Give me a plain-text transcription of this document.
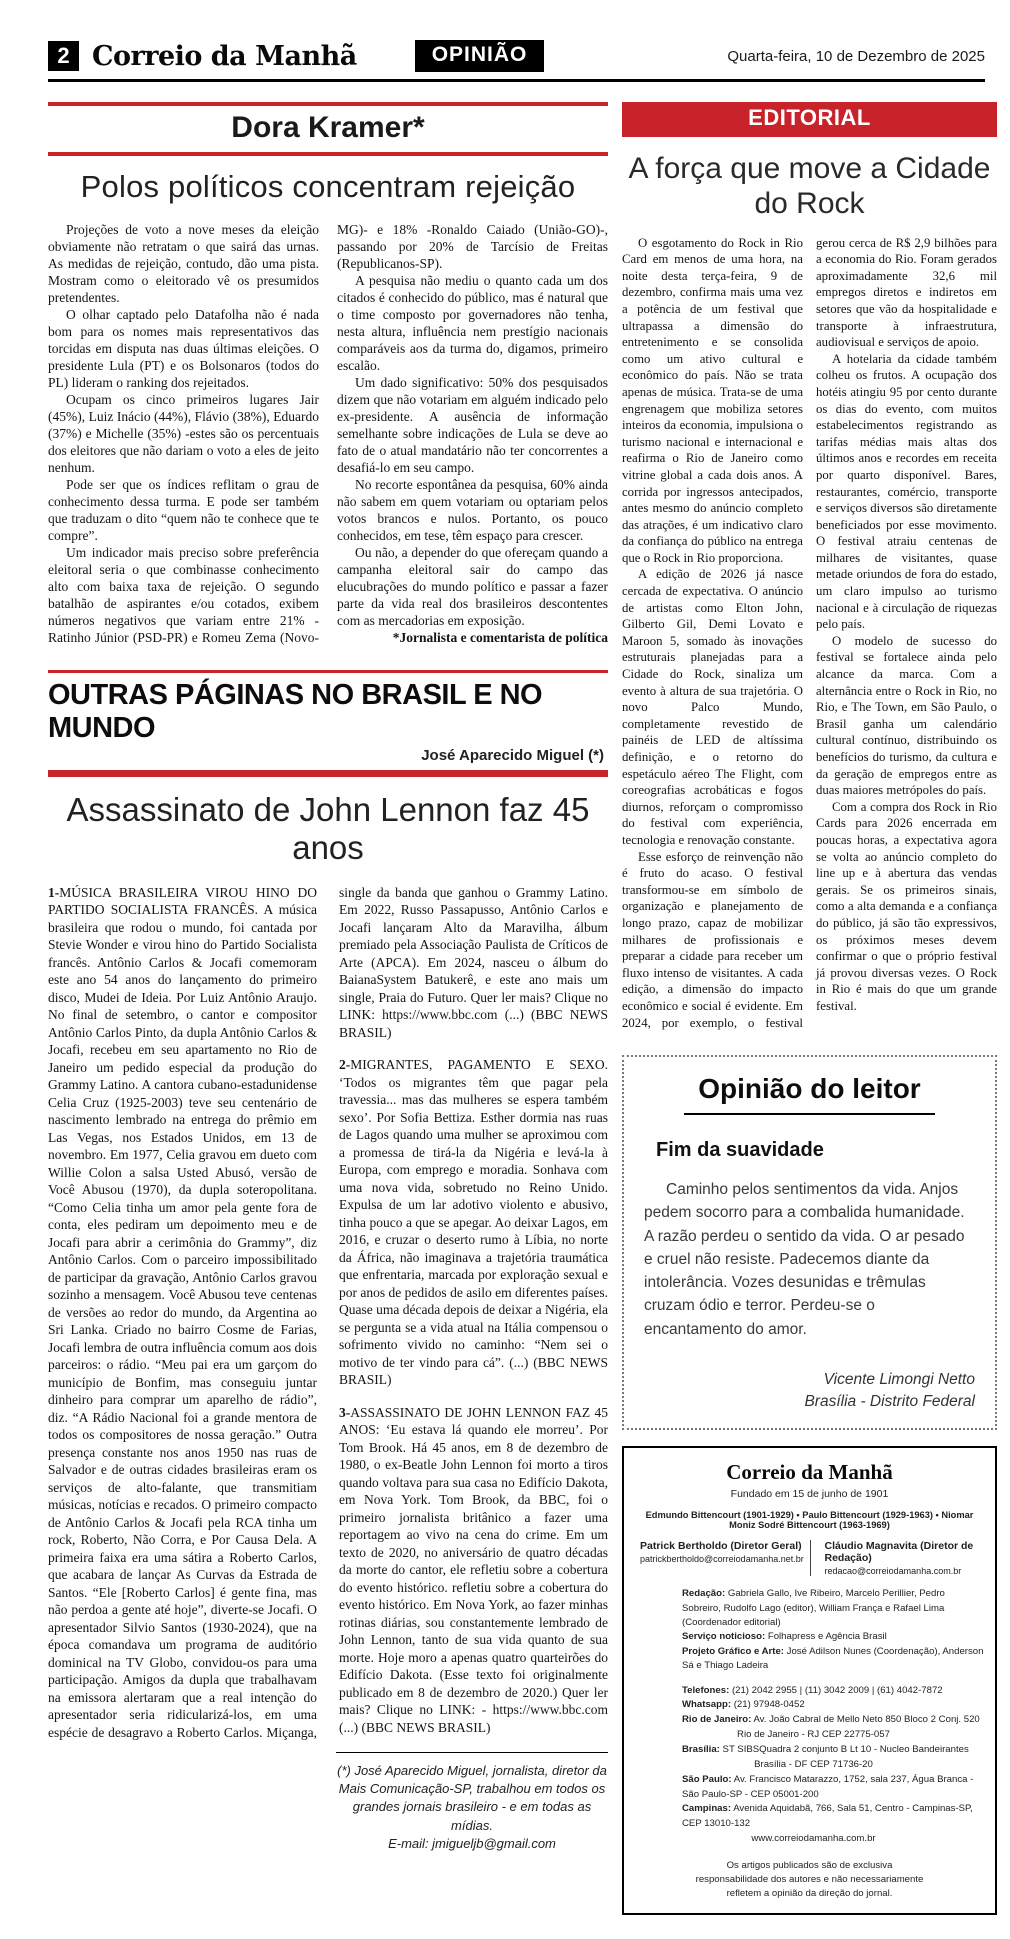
2 Correio da Manhã	OPINIÃO	Quarta-feira, 10 de Dezembro de 2025
Dora Kramer*
Polos políticos concentram rejeição

Projeções de voto a nove meses da eleição obviamente não retratam o que sairá das urnas. As medidas de rejeição, contudo, dão uma pista. Mostram como o eleitorado vê os presumidos pretendentes.

O olhar captado pelo Datafolha não é nada bom para os nomes mais representativos das torcidas em disputa nas duas últimas eleições. O presidente Lula (PT) e os Bolsonaros (todos do PL) lideram o ranking dos rejeitados.

Ocupam os cinco primeiros lugares Jair (45%), Luiz Inácio (44%), Flávio (38%), Eduardo (37%) e Michelle (35%) -estes são os percentuais dos eleitores que não dariam o voto a eles de jeito nenhum.

Pode ser que os índices reflitam o grau de conhecimento dessa turma. E pode ser também que traduzam o dito “quem não te conhece que te compre”.

Um indicador mais preciso sobre preferência eleitoral seria o que combinasse conhecimento alto com baixa taxa de rejeição. O segundo batalhão de aspirantes e/ou cotados, exibem números negativos que variam entre 21% -Ratinho Júnior (PSD-PR) e Romeu Zema (Novo-MG)- e 18% -Ronaldo Caiado (União-GO)-, passando por 20% de Tarcísio de Freitas (Republicanos-SP).

A pesquisa não mediu o quanto cada um dos citados é conhecido do público, mas é natural que o time composto por governadores não tenha, nesta altura, influência nem prestígio nacionais comparáveis aos da turma do, digamos, primeiro escalão.

Um dado significativo: 50% dos pesquisados dizem que não votariam em alguém indicado pelo ex-presidente. A ausência de informação semelhante sobre indicações de Lula se deve ao fato de o atual mandatário não ter concorrentes a desafiá-lo em seu campo.

No recorte espontânea da pesquisa, 60% ainda não sabem em quem votariam ou optariam pelos votos brancos e nulos. Portanto, os pouco conhecidos, em tese, têm espaço para crescer.

Ou não, a depender do que ofereçam quando a campanha eleitoral sair do campo das elucubrações do mundo político e passar a fazer parte da vida real dos brasileiros descontentes com as mercadorias em exposição.

*Jornalista e comentarista de política

OUTRAS PÁGINAS NO BRASIL E NO MUNDO
José Aparecido Miguel (*)
Assassinato de John Lennon faz 45 anos

1-MÚSICA BRASILEIRA VIROU HINO DO PARTIDO SOCIALISTA FRANCÊS. A música brasileira que rodou o mundo, foi cantada por Stevie Wonder e virou hino do Partido Socialista francês. Antônio Carlos & Jocafi comemoram este ano 54 anos do lançamento do primeiro disco, Mudei de Ideia. Por Luiz Antônio Araujo. No final de setembro, o cantor e compositor Antônio Carlos Pinto, da dupla Antônio Carlos & Jocafi, recebeu em seu apartamento no Rio de Janeiro um pedido especial da produção do Grammy Latino. A cantora cubano-estadunidense Celia Cruz (1925-2003) teve seu centenário de nascimento lembrado na entrega do prêmio em Las Vegas, nos Estados Unidos, em 13 de novembro. Em 1977, Celia gravou em dueto com Willie Colon a salsa Usted Abusó, versão de Você Abusou (1970), da dupla soteropolitana. “Como Celia tinha um amor pela gente fora de conta, eles pediram um depoimento meu e de Jocafi para abrir a cerimônia do Grammy”, diz Antônio Carlos. Com o parceiro impossibilitado de participar da gravação, Antônio Carlos gravou sozinho a mensagem. Você Abusou teve centenas de versões ao redor do mundo, da Argentina ao Sri Lanka. Criado no bairro Cosme de Farias, Jocafi lembra de outra influência comum aos dois parceiros: o rádio. “Meu pai era um garçom do município de Bonfim, mas conseguiu juntar dinheiro para comprar um aparelho de rádio”, diz. “A Rádio Nacional foi a grande mentora de todos os compositores de nossa geração.” Outra presença constante nos anos 1950 nas ruas de Salvador e de outras cidades brasileiras eram os serviços de alto-falante, que transmitiam músicas, notícias e recados. O primeiro compacto de Antônio Carlos & Jocafi pela RCA tinha um rock, Roberto, Não Corra, e Por Causa Dela. A primeira faixa era uma sátira a Roberto Carlos, que acabara de lançar As Curvas da Estrada de Santos. “Ele [Roberto Carlos] é gente fina, mas não perdoa a gente até hoje”, diverte-se Jocafi. O apresentador Silvio Santos (1930-2024), que na época comandava um programa de auditório dominical na TV Globo, convidou-os para uma participação. Amigos da dupla que trabalhavam na emissora alertaram que a real intenção do apresentador seria ridicularizá-los, em uma espécie de desagravo a Roberto Carlos. Miçanga, single da banda que ganhou o Grammy Latino. Em 2022, Russo Passapusso, Antônio Carlos e Jocafi lançaram Alto da Maravilha, álbum premiado pela Associação Paulista de Críticos de Arte (APCA). Em 2024, nasceu o álbum do BaianaSystem Batukerê, e este ano mais um single, Praia do Futuro. Quer ler mais? Clique no LINK: https://www.bbc.com (...) (BBC NEWS BRASIL)

2-MIGRANTES, PAGAMENTO E SEXO. ‘Todos os migrantes têm que pagar pela travessia... mas das mulheres se espera também sexo’. Por Sofia Bettiza. Esther dormia nas ruas de Lagos quando uma mulher se aproximou com a promessa de tirá-la da Nigéria e levá-la à Europa, com emprego e moradia. Sonhava com uma nova vida, sobretudo no Reino Unido. Expulsa de um lar adotivo violento e abusivo, tinha pouco a que se apegar. Ao deixar Lagos, em 2016, e cruzar o deserto rumo à Líbia, no norte da África, não imaginava a trajetória traumática que enfrentaria, marcada por exploração sexual e por anos de pedidos de asilo em diferentes países. Quase uma década depois de deixar a Nigéria, ela se pergunta se a vida atual na Itália compensou o sofrimento vivido no caminho: “Nem sei o motivo de ter vindo para cá”. (...) (BBC NEWS BRASIL)

3-ASSASSINATO DE JOHN LENNON FAZ 45 ANOS: ‘Eu estava lá quando ele morreu’. Por Tom Brook. Há 45 anos, em 8 de dezembro de 1980, o ex-Beatle John Lennon foi morto a tiros quando voltava para sua casa no Edifício Dakota, em Nova York. Tom Brook, da BBC, foi o primeiro jornalista britânico a fazer uma reportagem ao vivo na cena do crime. Em um texto de 2020, no aniversário de quatro décadas da morte do cantor, ele refletiu sobre a cobertura do evento histórico. refletiu sobre a cobertura do evento histórico. Em Nova York, ao fazer minhas rotinas diárias, sou constantemente lembrado de John Lennon, tanto de sua vida quanto de sua morte. Hoje moro a apenas quatro quarteirões do Edifício Dakota. (Esse texto foi originalmente publicado em 8 de dezembro de 2020.) Quer ler mais? Clique no LINK: - https://www.bbc.com (...) (BBC NEWS BRASIL)

(*) José Aparecido Miguel, jornalista, diretor da Mais Comunicação-SP, trabalhou em todos os grandes jornais brasileiro - e em todas as mídias.

E-mail: jmigueljb@gmail.com

EDITORIAL
A força que move a Cidade do Rock

O esgotamento do Rock in Rio Card em menos de uma hora, na noite desta terça-feira, 9 de dezembro, confirma mais uma vez a potência de um festival que ultrapassa a dimensão do entretenimento e se consolida como um ativo cultural e econômico do país. Não se trata apenas de música. Trata-se de uma engrenagem que mobiliza setores inteiros da economia, impulsiona o turismo nacional e internacional e reafirma o Rio de Janeiro como vitrine global a cada dois anos. A corrida por ingressos antecipados, antes mesmo do anúncio completo das atrações, é um indicativo claro da confiança do público na entrega que o Rock in Rio proporciona.

A edição de 2026 já nasce cercada de expectativa. O anúncio de artistas como Elton John, Gilberto Gil, Demi Lovato e Maroon 5, somado às inovações estruturais planejadas para a Cidade do Rock, sinaliza um evento à altura de sua trajetória. O novo Palco Mundo, completamente revestido de painéis de LED de altíssima definição, e o retorno do espetáculo aéreo The Flight, com coreografias acrobáticas e fogos diurnos, reforçam o compromisso do festival com experiência, tecnologia e renovação constante.

Esse esforço de reinvenção não é fruto do acaso. O festival transformou-se em símbolo de organização e planejamento de longo prazo, capaz de mobilizar milhares de profissionais e preparar a cidade para receber um fluxo intenso de visitantes. A cada edição, a dimensão do impacto econômico e social é evidente. Em 2024, por exemplo, o festival gerou cerca de R$ 2,9 bilhões para a economia do Rio. Foram gerados aproximadamente 32,6 mil empregos diretos e indiretos em setores que vão da hospitalidade e transporte à infraestrutura, audiovisual e serviços de apoio.

A hotelaria da cidade também colheu os frutos. A ocupação dos hotéis atingiu 95 por cento durante os dias do evento, com muitos estabelecimentos registrando as tarifas médias mais altas dos últimos anos e recordes em receita por quarto disponível. Bares, restaurantes, comércio, transporte e serviços diversos são diretamente beneficiados por esse movimento. O festival atraiu centenas de milhares de visitantes, quase metade oriundos de fora do estado, um claro impulso ao turismo nacional e à circulação de riquezas pelo país.

O modelo de sucesso do festival se fortalece ainda pelo alcance da marca. Com a alternância entre o Rock in Rio, no Rio, e The Town, em São Paulo, o Brasil ganha um calendário cultural contínuo, distribuindo os benefícios do turismo, da cultura e da geração de empregos entre as duas maiores metrópoles do país.

Com a compra dos Rock in Rio Cards para 2026 encerrada em poucas horas, a expectativa agora se volta ao anúncio completo do line up e à abertura das vendas gerais. Se os primeiros sinais, como a alta demanda e a confiança do público, já são tão expressivos, os próximos meses devem confirmar o que o próprio festival já provou diversas vezes. O Rock in Rio é mais do que um grande festival.

Opinião do leitor
Fim da suavidade

Caminho pelos sentimentos da vida. Anjos pedem socorro para a combalida humanidade. A razão perdeu o sentido da vida. O ar pesado e cruel não resiste. Padecemos diante da intolerância. Vozes desunidas e trêmulas cruzam ódio e terror. Perdeu-se o encantamento do amor.

Vicente Limongi Netto
Brasília - Distrito Federal
Correio da Manhã
Fundado em 15 de junho de 1901
Edmundo Bittencourt (1901-1929) • Paulo Bittencourt (1929-1963) • Niomar Moniz Sodré Bittencourt (1963-1969)
Patrick Bertholdo (Diretor Geral)
patrickbertholdo@correiodamanha.net.br
Cláudio Magnavita (Diretor de Redação)
redacao@correiodamanha.com.br
Redação: Gabriela Gallo, Ive Ribeiro, Marcelo Perillier, Pedro Sobreiro, Rudolfo Lago (editor), William França e Rafael Lima (Coordenador editorial)
Serviço noticioso: Folhapress e Agência Brasil
Projeto Gráfico e Arte: José Adilson Nunes (Coordenação), Anderson Sá e Thiago Ladeira
Telefones: (21) 2042 2955 | (11) 3042 2009 | (61) 4042-7872
Whatsapp: (21) 97948-0452
Rio de Janeiro: Av. João Cabral de Mello Neto 850 Bloco 2 Conj. 520
Rio de Janeiro - RJ CEP 22775-057
Brasília: ST SIBSQuadra 2 conjunto B Lt 10 - Nucleo Bandeirantes
Brasília - DF CEP 71736-20
São Paulo: Av. Francisco Matarazzo, 1752, sala 237, Água Branca - São Paulo-SP - CEP 05001-200
Campinas: Avenida Aquidabã, 766, Sala 51, Centro - Campinas-SP, CEP 13010-132
www.correiodamanha.com.br
Os artigos publicados são de exclusiva responsabilidade dos autores e não necessariamente refletem a opinião da direção do jornal.
